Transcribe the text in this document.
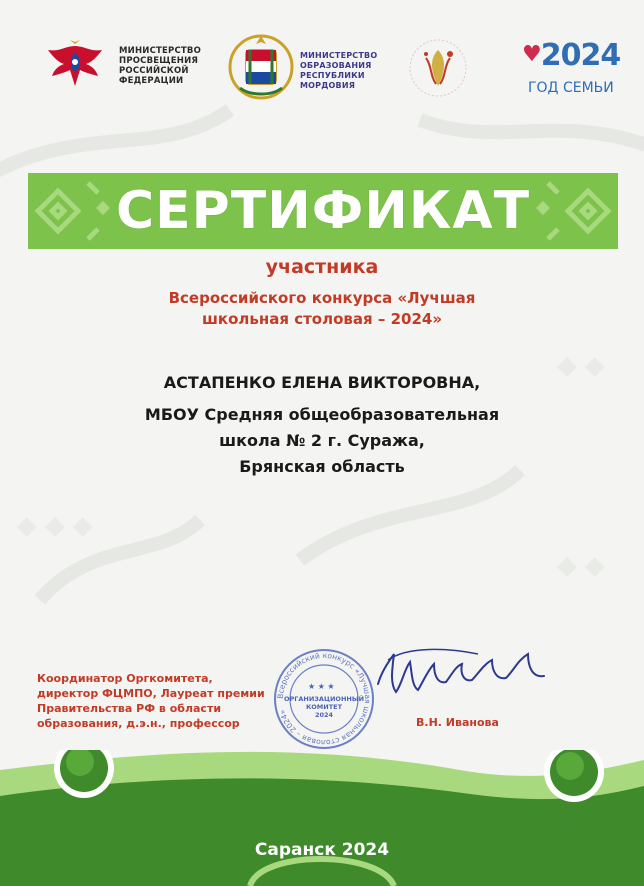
МИНИСТЕРСТВО
ПРОСВЕЩЕНИЯ
РОССИЙСКОЙ
ФЕДЕРАЦИИ
МИНИСТЕРСТВО
ОБРАЗОВАНИЯ
РЕСПУБЛИКИ
МОРДОВИЯ
♥2024
ГОД СЕМЬИ
СЕРТИФИКАТ
участника
Всероссийского конкурса «Лучшая
школьная столовая – 2024»
АСТАПЕНКО ЕЛЕНА ВИКТОРОВНА,
МБОУ Средняя общеобразовательная
школа № 2 г. Суража,
Брянская область
Координатор Оргкомитета,
директор ФЦМПО, Лауреат премии
Правительства РФ в области
образования, д.э.н., профессор
Всероссийский конкурс «Лучшая школьная столовая – 2024»
★ ★ ★
ОРГАНИЗАЦИОННЫЙ
КОМИТЕТ
2024
В.Н. Иванова
Саранск 2024
